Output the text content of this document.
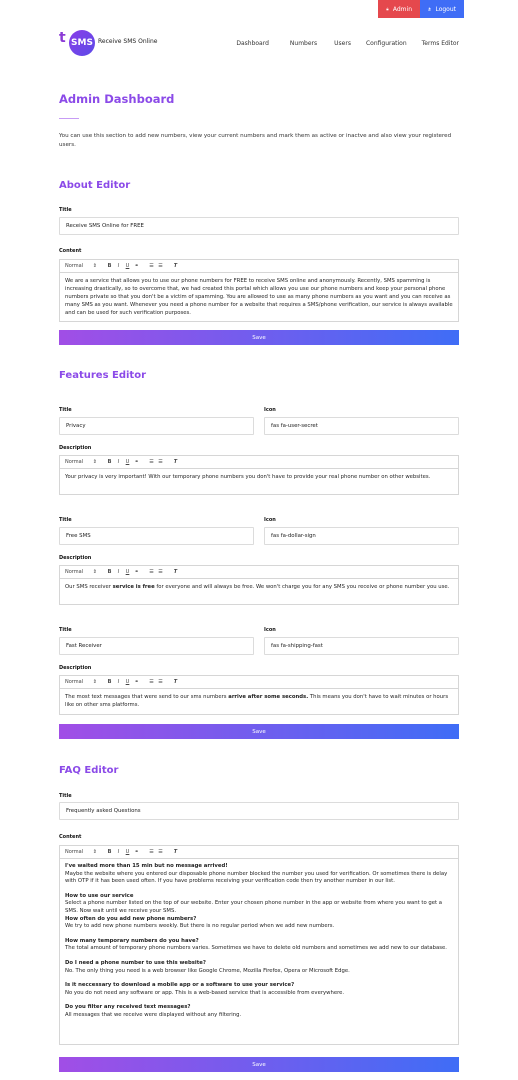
Admin	Logout
t SMS Receive SMS Online	Dashboard	Numbers	Users	Configuration	Terms Editor
Admin Dashboard
You can use this section to add new numbers, view your current numbers and mark them as active or inactve and also view your registered users.
About Editor
Title
Receive SMS Online for FREE
Content
Normal ⇕	B	I	U	⚭	☰ ☰	T
We are a service that allows you to use our phone numbers for FREE to receive SMS online and anonymously. Recently, SMS spamming is increasing drastically, so to overcome that, we had created this portal which allows you use our phone numbers and keep your personal phone numbers private so that you don't be a victim of spamming. You are allowed to use as many phone numbers as you want and you can receive as many SMS as you want. Whenever you need a phone number for a website that requires a SMS/phone verification, our service is always available and can be used for such verification purposes.
Save
Features Editor
Title	Icon
Privacy	fas fa-user-secret
Description
Normal ⇕	B	I	U	⚭	☰ ☰	T
Your privacy is very important! With our temporary phone numbers you don't have to provide your real phone number on other websites.
Title	Icon
Free SMS	fas fa-dollar-sign
Description
Normal ⇕	B	I	U	⚭	☰ ☰	T
Our SMS receiver service is free for everyone and will always be free. We won't charge you for any SMS you receive or phone number you use.
Title	Icon
Fast Receiver	fas fa-shipping-fast
Description
Normal ⇕	B	I	U	⚭	☰ ☰	T
The most text messages that were send to our sms numbers arrive after some seconds. This means you don't have to wait minutes or hours like on other sms platforms.
Save
FAQ Editor
Title
Frequently asked Questions
Content
Normal ⇕	B	I	U	⚭	☰ ☰	T

I've waited more than 15 min but no message arrived!

Maybe the website where you entered our disposable phone number blocked the number you used for verification. Or sometimes there is delay with OTP if it has been used often. If you have problems receiving your verification code then try another number in our list.

How to use our service

Select a phone number listed on the top of our website. Enter your chosen phone number in the app or website from where you want to get a SMS. Now wait until we receive your SMS.

How often do you add new phone numbers?

We try to add new phone numbers weekly. But there is no regular period when we add new numbers.

How many temporary numbers do you have?

The total amount of temporary phone numbers varies. Sometimes we have to delete old numbers and sometimes we add new to our database.

Do I need a phone number to use this website?

No. The only thing you need is a web browser like Google Chrome, Mozilla Firefox, Opera or Microsoft Edge.

Is it neccessary to download a mobile app or a software to use your service?

No you do not need any software or app. This is a web-based service that is accessible from everywhere.

Do you filter any received text messages?

All messages that we receive were displayed without any filtering.

Save
